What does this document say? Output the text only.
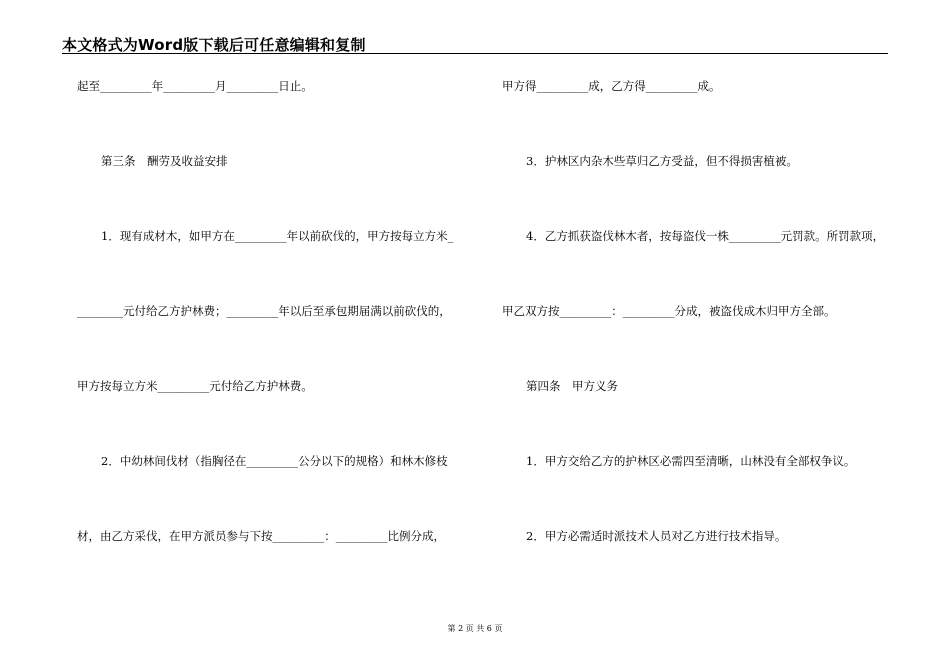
本文格式为Word版下载后可任意编辑和复制
起至_________年_________月_________日止。
第三条　酬劳及收益安排
1．现有成材木，如甲方在_________年以前砍伐的，甲方按每立方米_
________元付给乙方护林费；_________年以后至承包期届满以前砍伐的，
甲方按每立方米_________元付给乙方护林费。
2．中幼林间伐材（指胸径在_________公分以下的规格）和林木修枝
材，由乙方采伐，在甲方派员参与下按_________：_________比例分成，
甲方得_________成，乙方得_________成。
3．护林区内杂木些草归乙方受益，但不得损害植被。
4．乙方抓获盗伐林木者，按每盗伐一株_________元罚款。所罚款项，
甲乙双方按_________：_________分成，被盗伐成木归甲方全部。
第四条　甲方义务
1．甲方交给乙方的护林区必需四至清晰，山林没有全部权争议。
2．甲方必需适时派技术人员对乙方进行技术指导。
第 2 页 共 6 页
